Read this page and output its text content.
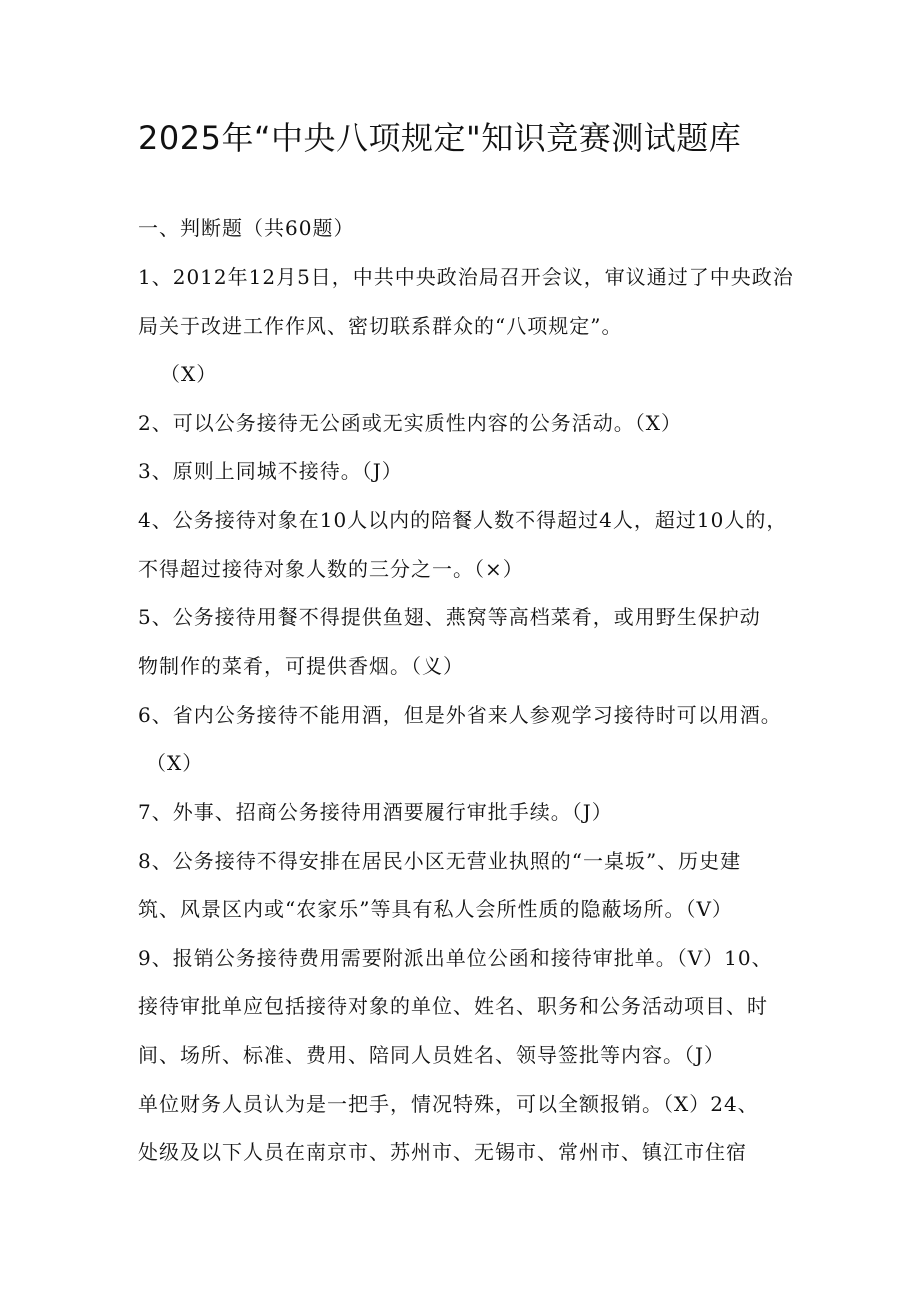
2025年“中央八项规定"知识竞赛测试题库
一、判断题（共60题）
1、2012年12月5日，中共中央政治局召开会议，审议通过了中央政治
局关于改进工作作风、密切联系群众的“八项规定”。
（X）
2、可以公务接待无公函或无实质性内容的公务活动。（X）
3、原则上同城不接待。（J）
4、公务接待对象在10人以内的陪餐人数不得超过4人，超过10人的，
不得超过接待对象人数的三分之一。（×）
5、公务接待用餐不得提供鱼翅、燕窝等高档菜肴，或用野生保护动
物制作的菜肴，可提供香烟。（义）
6、省内公务接待不能用酒，但是外省来人参观学习接待时可以用酒。
（X）
7、外事、招商公务接待用酒要履行审批手续。（J）
8、公务接待不得安排在居民小区无营业执照的“一桌坂”、历史建
筑、风景区内或“农家乐”等具有私人会所性质的隐蔽场所。（V）
9、报销公务接待费用需要附派出单位公函和接待审批单。（V）10、
接待审批单应包括接待对象的单位、姓名、职务和公务活动项目、时
间、场所、标准、费用、陪同人员姓名、领导签批等内容。（J）
单位财务人员认为是一把手，情况特殊，可以全额报销。（X）24、
处级及以下人员在南京市、苏州市、无锡市、常州市、镇江市住宿
